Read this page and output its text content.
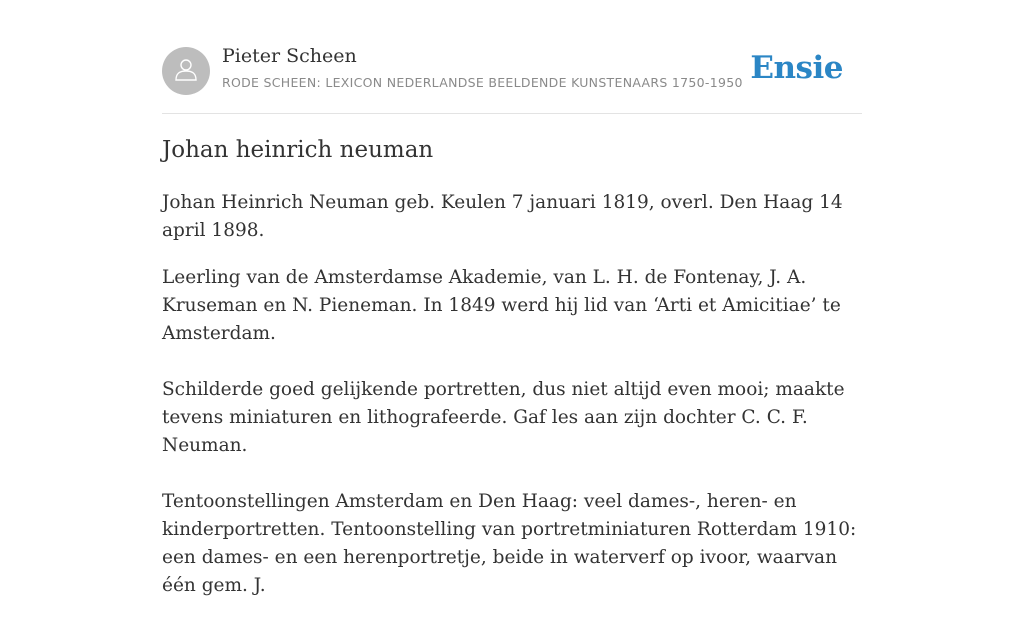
Pieter Scheen
RODE SCHEEN: LEXICON NEDERLANDSE BEELDENDE KUNSTENAARS 1750-1950 Ensie
Johan heinrich neuman

Johan Heinrich Neuman geb. Keulen 7 januari 1819, overl. Den Haag 14 april 1898.

Leerling van de Amsterdamse Akademie, van L. H. de Fontenay, J. A. Kruseman en N. Pieneman. In 1849 werd hij lid van ‘Arti et Amicitiae’ te Amsterdam.

Schilderde goed gelijkende portretten, dus niet altijd even mooi; maakte tevens miniaturen en lithografeerde. Gaf les aan zijn dochter C. C. F. Neuman.

Tentoonstellingen Amsterdam en Den Haag: veel dames-, heren- en kinderportretten. Tentoonstelling van portretminiaturen Rotterdam 1910: een dames- en een herenportretje, beide in waterverf op ivoor, waarvan één gem. J.
